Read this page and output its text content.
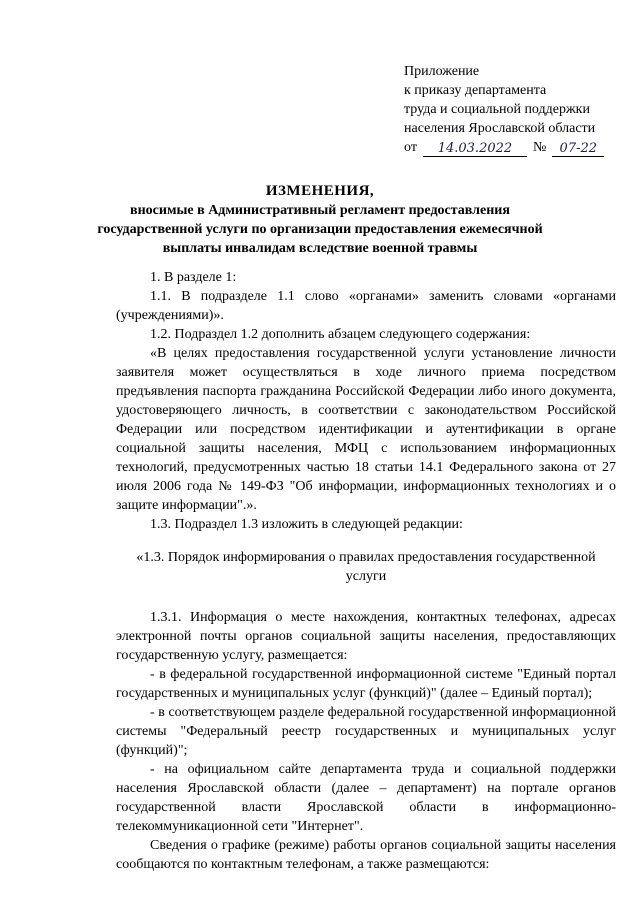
Приложение
к приказу департамента
труда и социальной поддержки
населения Ярославской области
от	14.03.2022	№	07-22
ИЗМЕНЕНИЯ,
вносимые в Административный регламент предоставления государственной услуги по организации предоставления ежемесячной выплаты инвалидам вследствие военной травмы

1. В разделе 1:

1.1. В подразделе 1.1 слово «органами» заменить словами «органами (учреждениями)».

1.2. Подраздел 1.2 дополнить абзацем следующего содержания:

«В целях предоставления государственной услуги установление личности заявителя может осуществляться в ходе личного приема посредством предъявления паспорта гражданина Российской Федерации либо иного документа, удостоверяющего личность, в соответствии с законодательством Российской Федерации или посредством идентификации и аутентификации в органе социальной защиты населения, МФЦ с использованием информационных технологий, предусмотренных частью 18 статьи 14.1 Федерального закона от 27 июля 2006 года № 149-ФЗ "Об информации, информационных технологиях и о защите информации".».

1.3. Подраздел 1.3 изложить в следующей редакции:

«1.3. Порядок информирования о правилах предоставления государственной услуги

1.3.1. Информация о месте нахождения, контактных телефонах, адресах электронной почты органов социальной защиты населения, предоставляющих государственную услугу, размещается:

- в федеральной государственной информационной системе "Единый портал государственных и муниципальных услуг (функций)" (далее – Единый портал);

- в соответствующем разделе федеральной государственной информационной системы "Федеральный реестр государственных и муниципальных услуг (функций)";

- на официальном сайте департамента труда и социальной поддержки населения Ярославской области (далее – департамент) на портале органов государственной власти Ярославской области в информационно-телекоммуникационной сети "Интернет".

Сведения о графике (режиме) работы органов социальной защиты населения сообщаются по контактным телефонам, а также размещаются:
